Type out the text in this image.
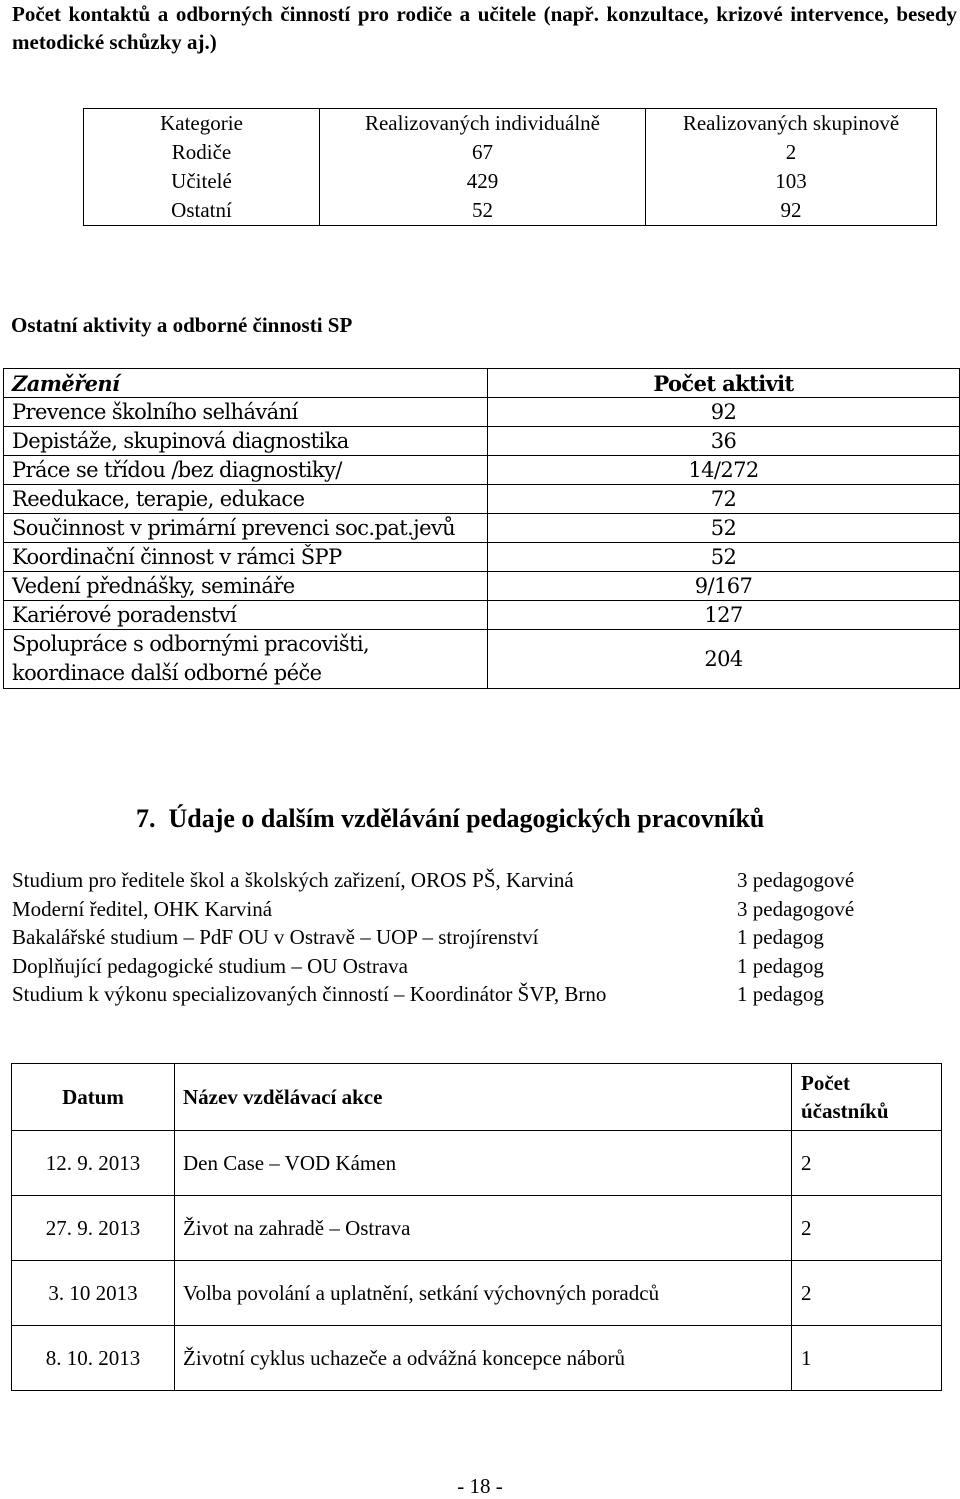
Počet kontaktů a odborných činností pro rodiče a učitele (např. konzultace, krizové intervence, besedy metodické schůzky aj.)
Kategorie	Realizovaných individuálně	Realizovaných skupinově
Rodiče	67	2
Učitelé	429	103
Ostatní	52	92
Ostatní aktivity a odborné činnosti SP
Zaměření	Počet aktivit
Prevence školního selhávání	92
Depistáže, skupinová diagnostika	36
Práce se třídou /bez diagnostiky/	14/272
Reedukace, terapie, edukace	72
Součinnost v primární prevenci soc.pat.jevů	52
Koordinační činnost v rámci ŠPP	52
Vedení přednášky, semináře	9/167
Kariérové poradenství	127

Spolupráce s odbornými pracovišti,
koordinace další odborné péče	204
7. Údaje o dalším vzdělávání pedagogických pracovníků
Studium pro ředitele škol a školských zařizení, OROS PŠ, Karviná	3 pedagogové
Moderní ředitel, OHK Karviná	3 pedagogové
Bakalářské studium – PdF OU v Ostravě – UOP – strojírenství	1 pedagog
Doplňující pedagogické studium – OU Ostrava	1 pedagog
Studium k výkonu specializovaných činností – Koordinátor ŠVP, Brno	1 pedagog
Datum	Název vzdělávací akce	Počet
účastníků

12. 9. 2013	Den Case – VOD Kámen	2
27. 9. 2013	Život na zahradě – Ostrava	2
3. 10 2013	Volba povolání a uplatnění, setkání výchovných poradců	2
8. 10. 2013	Životní cyklus uchazeče a odvážná koncepce náborů	1
- 18 -
